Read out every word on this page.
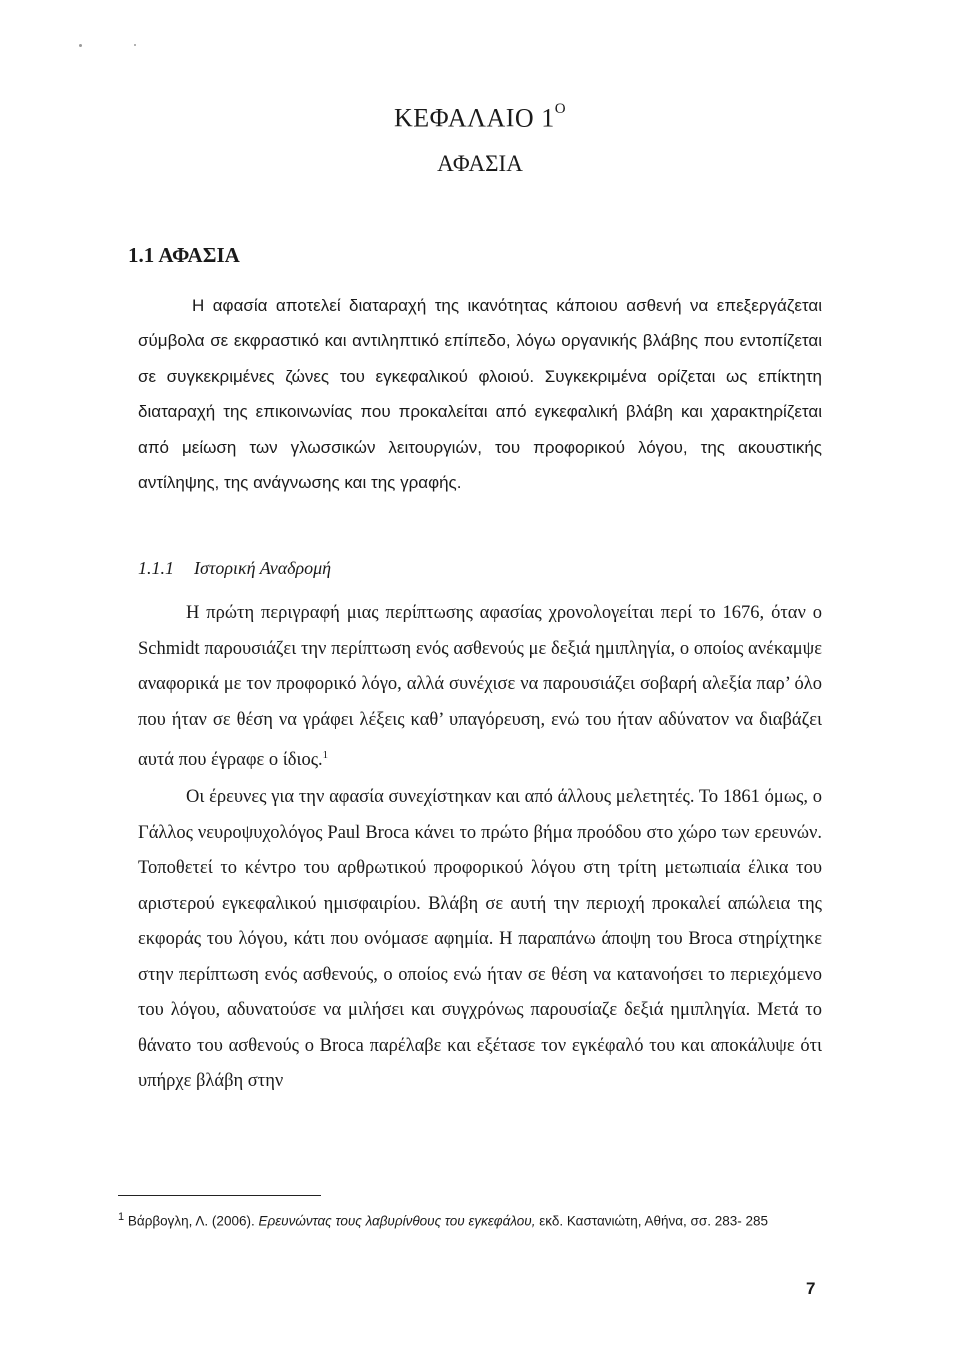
ΚΕΦΑΛΑΙΟ $1^O$
ΑΦΑΣΙΑ
1.1 ΑΦΑΣΙΑ

Η αφασία αποτελεί διαταραχή της ικανότητας κάποιου ασθενή να επεξεργάζεται σύμβολα σε εκφραστικό και αντιληπτικό επίπεδο, λόγω οργανικής βλάβης που εντοπίζεται σε συγκεκριμένες ζώνες του εγκεφαλικού φλοιού. Συγκεκριμένα ορίζεται ως επίκτητη διαταραχή της επικοινωνίας που προκαλείται από εγκεφαλική βλάβη και χαρακτηρίζεται από μείωση των γλωσσικών λειτουργιών, του προφορικού λόγου, της ακουστικής αντίληψης, της ανάγνωσης και της γραφής.

1.1.1 Ιστορική Αναδρομή

Η πρώτη περιγραφή μιας περίπτωσης αφασίας χρονολογείται περί το 1676, όταν ο Schmidt παρουσιάζει την περίπτωση ενός ασθενούς με δεξιά ημιπληγία, ο οποίος ανέκαμψε αναφορικά με τον προφορικό λόγο, αλλά συνέχισε να παρουσιάζει σοβαρή αλεξία παρ’ όλο που ήταν σε θέση να γράφει λέξεις καθ’ υπαγόρευση, ενώ του ήταν αδύνατον να διαβάζει αυτά που έγραφε ο ίδιος.$^1$

Οι έρευνες για την αφασία συνεχίστηκαν και από άλλους μελετητές. Το 1861 όμως, ο Γάλλος νευροψυχολόγος Paul Broca κάνει το πρώτο βήμα προόδου στο χώρο των ερευνών. Τοποθετεί το κέντρο του αρθρωτικού προφορικού λόγου στη τρίτη μετωπιαία έλικα του αριστερού εγκεφαλικού ημισφαιρίου. Βλάβη σε αυτή την περιοχή προκαλεί απώλεια της εκφοράς του λόγου, κάτι που ονόμασε αφημία. Η παραπάνω άποψη του Broca στηρίχτηκε στην περίπτωση ενός ασθενούς, ο οποίος ενώ ήταν σε θέση να κατανοήσει το περιεχόμενο του λόγου, αδυνατούσε να μιλήσει και συγχρόνως παρουσίαζε δεξιά ημιπληγία. Μετά το θάνατο του ασθενούς ο Broca παρέλαβε και εξέτασε τον εγκέφαλό του και αποκάλυψε ότι υπήρχε βλάβη στην

$^1$ Βάρβογλη, Λ. (2006). Ερευνώντας τους λαβυρίνθους του εγκεφάλου, εκδ. Καστανιώτη, Αθήνα, σσ. 283- 285
7
